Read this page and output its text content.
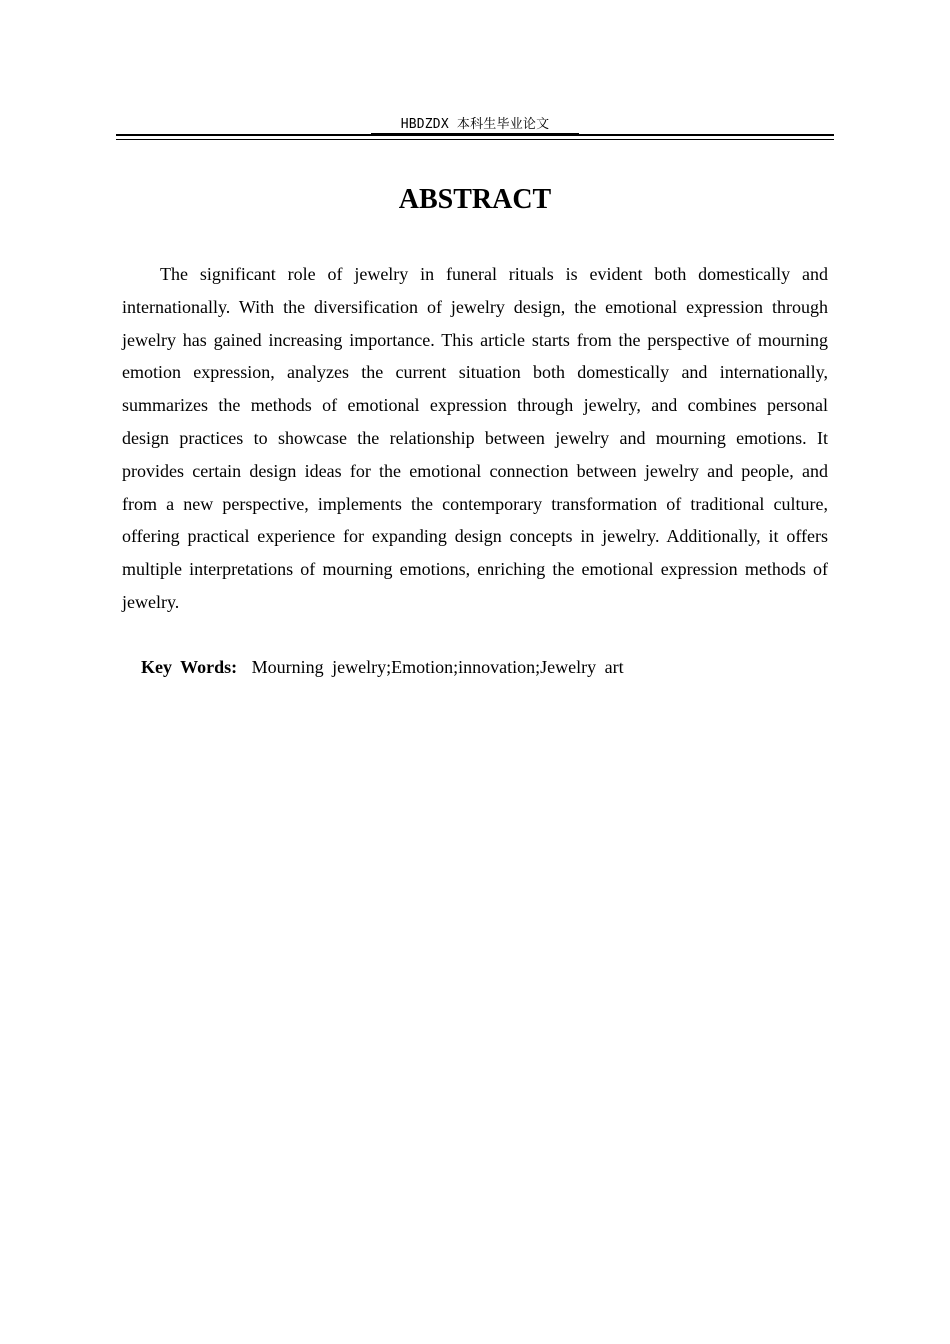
HBDZDX 本科生毕业论文
ABSTRACT

The significant role of jewelry in funeral rituals is evident both domestically and internationally. With the diversification of jewelry design, the emotional expression through jewelry has gained increasing importance. This article starts from the perspective of mourning emotion expression, analyzes the current situation both domestically and internationally, summarizes the methods of emotional expression through jewelry, and combines personal design practices to showcase the relationship between jewelry and mourning emotions. It provides certain design ideas for the emotional connection between jewelry and people, and from a new perspective, implements the contemporary transformation of traditional culture, offering practical experience for expanding design concepts in jewelry. Additionally, it offers multiple interpretations of mourning emotions, enriching the emotional expression methods of jewelry.

Key Words: Mourning jewelry;Emotion;innovation;Jewelry art
